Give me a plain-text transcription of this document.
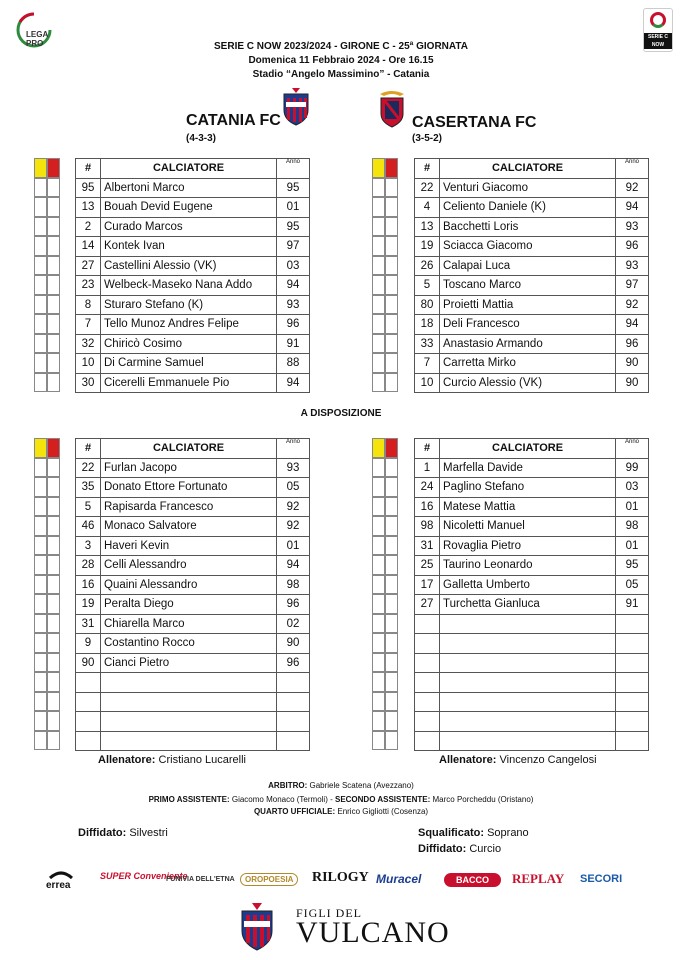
LEGA PRO
SERIE C NOW
SERIE C NOW 2023/2024 - GIRONE C - 25ª GIORNATA
Domenica 11 Febbraio 2024 - Ore 16.15
Stadio “Angelo Massimino” - Catania
CATANIA FC
(4-3-3)
CASERTANA FC
(3-5-2)
#	CALCIATORE	Anno
95	Albertoni Marco	95
13	Bouah Devid Eugene	01
2	Curado Marcos	95
14	Kontek Ivan	97
27	Castellini Alessio (VK)	03
23	Welbeck-Maseko Nana Addo	94
8	Sturaro Stefano (K)	93
7	Tello Munoz Andres Felipe	96
32	Chiricò Cosimo	91
10	Di Carmine Samuel	88
30	Cicerelli Emmanuele Pio	94
#	CALCIATORE	Anno
22	Venturi Giacomo	92
4	Celiento Daniele (K)	94
13	Bacchetti Loris	93
19	Sciacca Giacomo	96
26	Calapai Luca	93
5	Toscano Marco	97
80	Proietti Mattia	92
18	Deli Francesco	94
33	Anastasio Armando	96
7	Carretta Mirko	90
10	Curcio Alessio (VK)	90
A DISPOSIZIONE
#	CALCIATORE	Anno
22	Furlan Jacopo	93
35	Donato Ettore Fortunato	05
5	Rapisarda Francesco	92
46	Monaco Salvatore	92
3	Haveri Kevin	01
28	Celli Alessandro	94
16	Quaini Alessandro	98
19	Peralta Diego	96
31	Chiarella Marco	02
9	Costantino Rocco	90
90	Cianci Pietro	96

#	CALCIATORE	Anno
1	Marfella Davide	99
24	Paglino Stefano	03
16	Matese Mattia	01
98	Nicoletti Manuel	98
31	Rovaglia Pietro	01
25	Taurino Leonardo	95
17	Galletta Umberto	05
27	Turchetta Gianluca	91

Allenatore: Cristiano Lucarelli	Allenatore: Vincenzo Cangelosi
ARBITRO: Gabriele Scatena (Avezzano)
PRIMO ASSISTENTE: Giacomo Monaco (Termoli) - SECONDO ASSISTENTE: Marco Porcheddu (Oristano)
QUARTO UFFICIALE: Enrico Gigliotti (Cosenza)
Diffidato: Silvestri	Squalificato: Soprano
Diffidato: Curcio
errea
SUPER Conveniente
FUNIVIA DELL'ETNA	OROPOESIA	RILOGY Muracel	BACCO	REPLAY SECORI
FIGLI DEL
VULCANO
